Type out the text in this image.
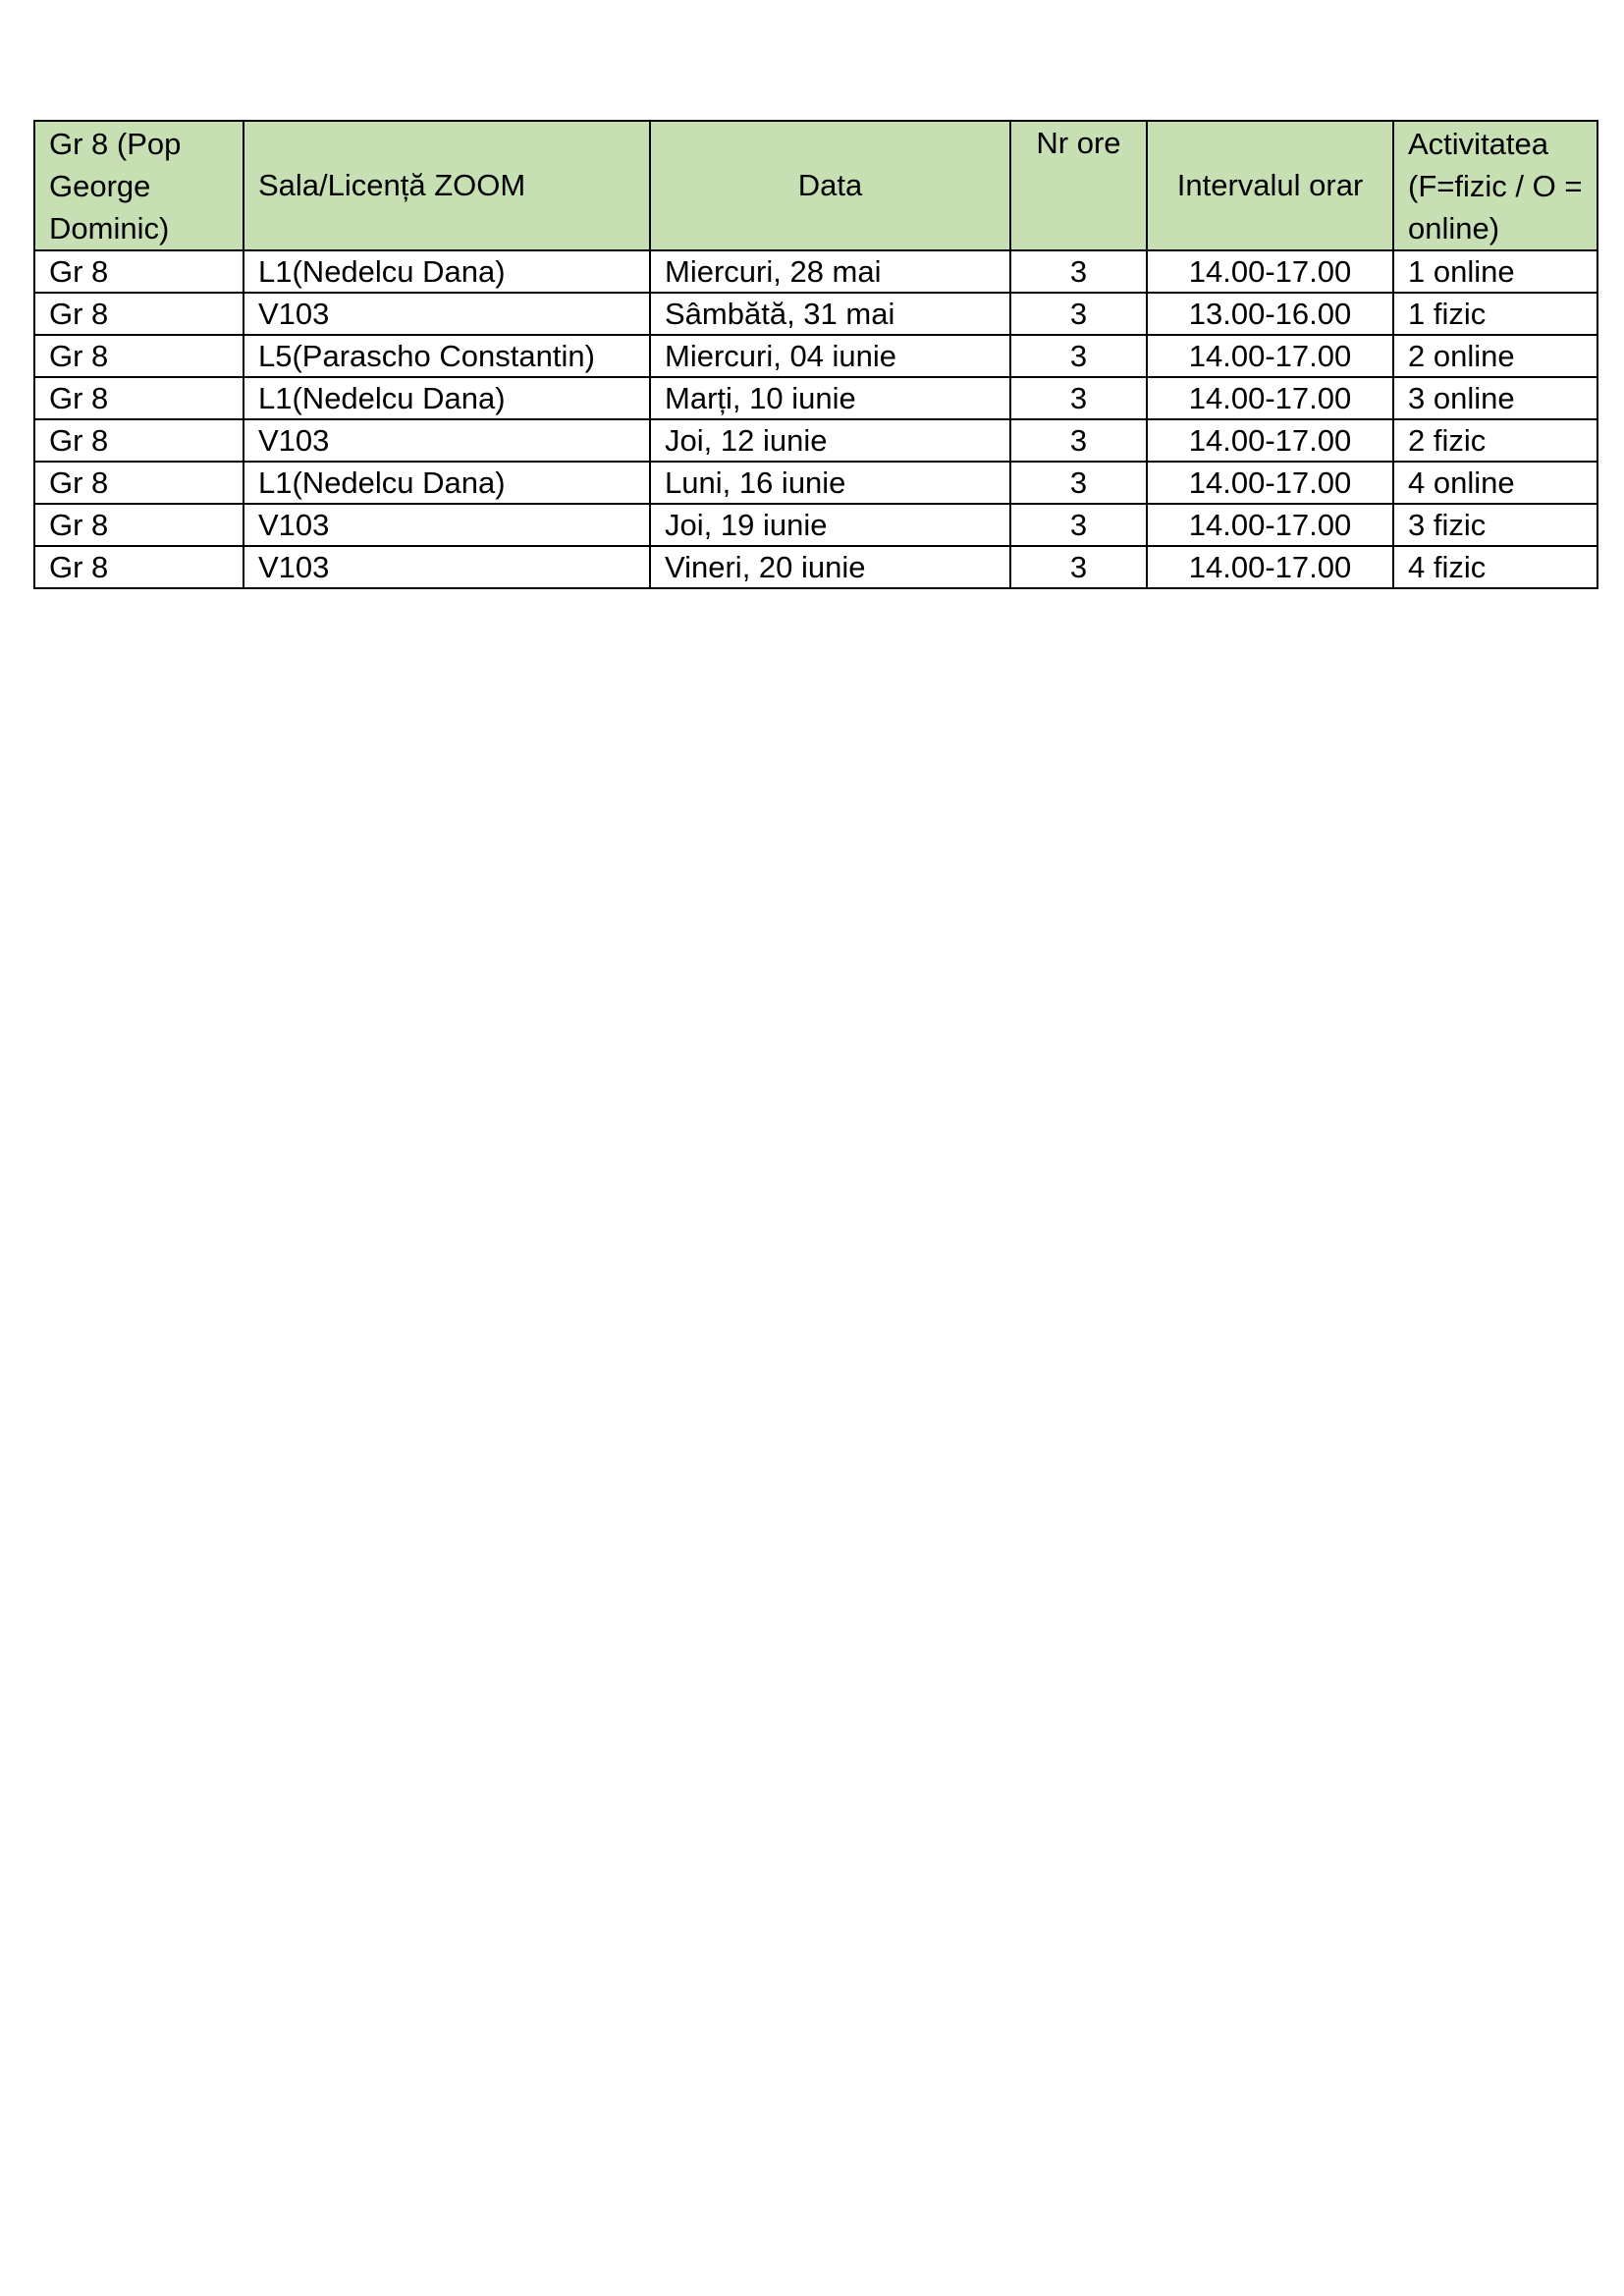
Gr 8 (Pop George Dominic)	Sala/Licență ZOOM	Data	Nr ore	Intervalul orar	Activitatea (F=fizic / O = online)
Gr 8	L1(Nedelcu Dana)	Miercuri, 28 mai	3	14.00-17.00	1 online
Gr 8	V103	Sâmbătă, 31 mai	3	13.00-16.00	1 fizic
Gr 8	L5(Parascho Constantin)	Miercuri, 04 iunie	3	14.00-17.00	2 online
Gr 8	L1(Nedelcu Dana)	Marți, 10 iunie	3	14.00-17.00	3 online
Gr 8	V103	Joi, 12 iunie	3	14.00-17.00	2 fizic
Gr 8	L1(Nedelcu Dana)	Luni, 16 iunie	3	14.00-17.00	4 online
Gr 8	V103	Joi, 19 iunie	3	14.00-17.00	3 fizic
Gr 8	V103	Vineri, 20 iunie	3	14.00-17.00	4 fizic
